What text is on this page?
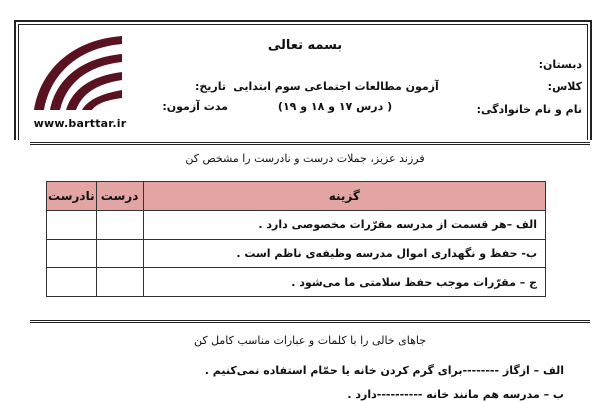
www.barttar.ir
بسمه تعالی
دبستان:
کلاس:
نام و نام خانوادگی:
آزمون مطالعات اجتماعی سوم ابتدایی
( درس ۱۷ و ۱۸ و ۱۹)
تاریخ:
مدت آزمون:
فرزند عزیز، جملات درست و نادرست را مشخص کن
گزینه	درست	نادرست
الف –هر قسمت از مدرسه مقرّرات مخصوصی دارد .		
ب- حفظ و نگهداری اموال مدرسه وظیفه‌ی ناظم است .		
ج – مقرّرات موجب حفظ سلامتی ما می‌شود .		
جاهای خالی را با کلمات و عبارات مناسب کامل کن
الف – ازگاز --------برای گرم کردن خانه یا حمّام استفاده نمی‌کنیم .
ب – مدرسه هم مانند خانه ----------دارد .
